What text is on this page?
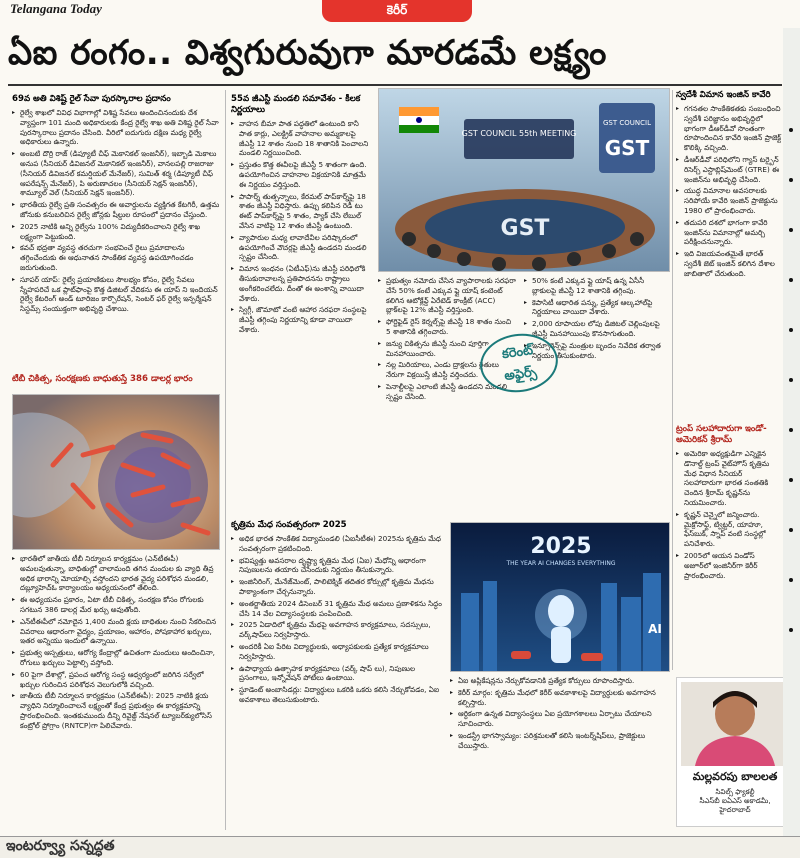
Telangana Today	కెరీర్
ఏఐ రంగం.. విశ్వగురువుగా మారడమే లక్ష్యం
69వ అతి విశిష్ట్ రైల్ సేవా పురస్కారాల ప్రదానం
▸ రైల్వే శాఖలో వివిధ విభాగాల్లో విశిష్ట సేవలు అందించినందుకు దేశ వ్యాప్తంగా 101 మంది అధికారులకు కేంద్ర రైల్వే శాఖ అతి విశిష్ట రైల్ సేవా పురస్కారాలు ప్రదానం చేసింది. వీరిలో ఐదుగురు దక్షిణ మధ్య రైల్వే అధికారులు ఉన్నారు.
▸ అంబటి దొర్రి రాజ్ (డిప్యూటీ చీఫ్ మెకానికల్ ఇంజనీర్), ఇబ్బాడి మెకాలు అనుప (సీనియర్ డివిజనల్ మెకానికల్ ఇంజనీర్), వానలపల్లి రాజరాజు (సీనియర్ డివిజనల్ కమర్షియల్ మేనేజర్), సుమిత్ శర్మ (డిప్యూటీ చీఫ్ ఆపరేషన్స్ మేనేజర్), పి అరుణాచలం (సీనియర్ సెక్షన్ ఇంజనీర్), శామ్యూల్ వెల్ (సీనియర్ సెక్షన్ ఇంజనీర్).
▸ భారతీయ రైల్వే ప్రతి సంవత్సరం ఈ అవార్డులను వ్యక్తిగత కేటగిరీ, ఉత్తమ జోనుకు కనుబరిచిన రైల్వే జోన్లకు షీల్డుల రూపంలో ప్రదానం చేస్తుంది.
▸ 2025 నాటికి అన్ని రైల్వేను 100% విద్యుదీకరించాలని రైల్వే శాఖ లక్ష్యంగా పెట్టుకుంది.
▸ కవచ్ భద్రతా వ్యవస్థ తరచుగా సంభవించే రైలు ప్రమాదాలను తగ్గించేందుకు ఈ ఆధునాతన సాంకేతిక వ్యవస్థ ఉపయోగించడం జరుగుతుంది.
▸ సూపర్ యాప్: రైల్వే ప్రయాణికులు సౌలభ్యం కోసం, రైల్వే సేవలు స్నేహపరిచే ఒక ప్లాట్‌ఫాంపై కొత్త డిజిటల్ వేదికను ఈ యాప్ ని ఇందియన్ రైల్వే కేటరింగ్ అండ్ టూరిజం కార్పొరేషన్, సెంటర్ ఫర్ రైల్వే ఇన్ఫర్మేషన్ సిస్టమ్స్ సంయుక్తంగా అభివృద్ధి చేశాయి.
టీబీ చికిత్స, సంరక్షణకు బాధుతుస్తే 386 డాలర్ల భారం
▸ భారతీలో జాతీయ టీబీ నిర్మూలన కార్యక్రమం (ఎన్‌టీఈపీ) అమలవుతున్నా, బాధితుల్లో చాలామంది తగిన మందుల కు వ్యాధి తీవ్ర అధిక భారాన్ని మోయాల్సి వస్తోందని భారత వైద్య పరిశోధన మండలి, దబ్ల్యూహెచ్ఓ కార్యాలయం అధ్యయనంలో తేలింది.
▸ ఈ అధ్యయనం ప్రకారం, ఏటా టీబీ చికిత్స, సంరక్షణ కోసం రోగులకు సగటున 386 డాలర్ల మేర ఖర్చు అవుతోంది.
▸ ఎన్‌టీఈపీలో నమోదైన 1,400 మంది క్షయ బాధితుల నుంచి సేకరించిన వివరాలు ఆధారంగా వైద్యం, ప్రయాణం, ఆహారం, పోషకాహార ఖర్చులు, ఇతర అన్నియు ఇందులో ఉన్నాయి.
▸ ప్రభుత్వ ఆస్పత్రులు, ఆరోగ్య కేంద్రాల్లో ఉచితంగా మందులు అందించినా, రోగులు ఖర్చులు పెట్టాల్సి వస్తోంది.
▸ 60 పైగా దేశాల్లో, ప్రపంచ ఆరోగ్య సంస్థ ఆధ్వర్యంలో జరిగిన సర్వేలో ఖర్చుల గురించిన పరిశోధన వెలుగులోకి వచ్చింది.
▸ జాతీయ టీబీ నిర్మూలన కార్యక్రమం (ఎన్‌టీఈపీ): 2025 నాటికి క్షయ వ్యాధిని నిర్మూలించాలనే లక్ష్యంతో కేంద్ర ప్రభుత్వం ఈ కార్యక్రమాన్ని ప్రారంభించింది. ఇంతకుముందు దీన్ని రివైజ్డ్ నేషనల్ ట్యూబర్‌క్యులోసిస్ కంట్రోల్ ప్రోగ్రాం (RNTCP)గా పిలిచేవారు.
55వ జీఎస్టీ మండలి సమావేశం - కీలక నిర్ణయాలు
▸ వాహన బీమా పాత పద్ధతిలో ఉంటుంది కానీ పాత కార్లు, ఎలక్ట్రిక్ వాహనాల అమ్మకాలపై జీఎస్టీ 12 శాతం నుంచి 18 శాతానికి పెంచాలని మండలి నిర్ణయించింది.
▸ ప్రస్తుతం కొత్త ఈవీలపై జీఎస్టీ 5 శాతంగా ఉంది. ఉపయోగించిన వాహనాల విక్రయానికి మాత్రమే ఈ నిర్ణయం వర్తిస్తుంది.
▸ పాపార్న్ తుత్పన్నాలు, కేరమల్ పాప్‌కార్న్‌పై 18 శాతం జీఎస్టీ విధిస్తారు. ఉప్పు కలిపిన రెడీ టు ఈట్ పాప్‌కార్న్‌పై 5 శాతం, ప్యాక్ చేసి లేబుల్ వేసిన వాటిపై 12 శాతం జీఎస్టీ ఉంటుంది.
▸ వ్యాపారుల మధ్య లావాదేవీల పరిష్కారంలో ఉపయోగించే వౌచర్లపై జీఎస్టీ ఉండదని మండలి స్పష్టం చేసింది.
▸ విమాన ఇంధనం (ఏటీఎఫ్)ను జీఎస్టీ పరిధిలోకి తీసుకురావాలన్న ప్రతిపాదనను రాష్ట్రాలు అంగీకరించలేదు. దీంతో ఈ అంశాన్ని వాయిదా వేశారు.
▸ స్విగ్గీ, జొమాటో వంటి ఆహార సరఫరా సంస్థలపై జీఎస్టీ తగ్గింపు నిర్ణయాన్ని కూడా వాయిదా వేశారు.
GST COUNCIL
GST
GST COUNCIL 55th MEETING
GST
▸ ప్రభుత్వం నమోదు చేసిన వ్యాపారాలకు సరఫరా చేసే 50% కంటే ఎక్కువ ఫ్లై యాష్ కంటెంట్ కలిగిన ఆటోక్లేవ్డ్ ఏరేటెడ్ కాంక్రీట్ (ACC) బ్లాక్‌లపై 12% జీఎస్టీ వర్తిస్తుంది.
▸ ఫోర్టిఫైడ్ రైస్ కెర్నల్స్‌పై జీఎస్టీ 18 శాతం నుంచి 5 శాతానికి తగ్గించారు.
▸ జన్యు చికిత్సను జీఎస్టీ నుంచి పూర్తిగా మినహాయించారు.
▸ నల్ల మిరియాలు, ఎండు ద్రాక్షలను రైతులు నేరుగా విక్రయిస్తే జీఎస్టీ వర్తించదు.
▸ పెనాల్టీలపై ఎలాంటి జీఎస్టీ ఉండదని మండలి స్పష్టం చేసింది.
▸ 50% కంటే ఎక్కువ ఫ్లై యాష్ ఉన్న ఏసీసీ బ్లాకులపై జీఎస్టీ 12 శాతానికి తగ్గింపు.
▸ కెపాసిటీ ఆధారిత పన్ను, ప్రత్యేక ఆల్కహాల్‌పై నిర్ణయాలు వాయిదా వేశారు.
▸ 2,000 రూపాయల లోపు డిజిటల్ చెల్లింపులపై జీఎస్టీ మినహాయింపు కొనసాగుతుంది.
▸ ఇన్సూరెన్స్‌పై మంత్రుల బృందం నివేదిక తర్వాత నిర్ణయం తీసుకుంటారు.
కరెంట్
అఫైర్స్
కృత్రిమ మేధ సంవత్సరంగా 2025
▸ అధిక భారత సాంకేతిక విద్యామండలి (ఏఐసీటీఈ) 2025ను కృత్రిమ మేధ సంవత్సరంగా ప్రకటించింది.
▸ భవిష్యత్తు అవసరాల దృష్ట్యా కృత్రిమ మేధ (ఏఐ) మేధోన్ని ఆధారంగా నిపుణులను తయారు చేసేందుకు నిర్ణయం తీసుకున్నారు.
▸ ఇంజినీరింగ్, మేనేజ్‌మెంట్, పాలిటెక్నిక్ తదితర కోర్సుల్లో కృత్రిమ మేధను పాఠ్యాంశంగా చేర్చనున్నారు.
▸ అంతర్జాతీయ 2024 డిసెంబర్ 31 కృత్రిమ మేధ అమలు ప్రణాళికను సిద్ధం చేసి 14 వేల విద్యాసంస్థలకు పంపించింది.
▸ 2025 ఏడాదిలో కృత్రిమ మేధపై అవగాహన కార్యక్రమాలు, సదస్సులు, వర్క్‌షాప్‌లు నిర్వహిస్తారు.
▸ అందరికీ ఏఐ పేరిట విద్యార్థులకు, అధ్యాపకులకు ప్రత్యేక కార్యక్రమాలు నిర్వహిస్తారు.
▸ ఉపాధ్యాయ ఉత్సాహక కార్యక్రమాలు (వర్క్ షాప్ లు), నిపుణుల ప్రసంగాలు, ఇన్నోవేషన్ పోటీలు ఉంటాయి.
▸ స్టూడెంట్ అంబాసిడర్లు: విద్యార్థులు ఒకరికి ఒకరు కలిసి నేర్చుకోవడం, ఏఐ అవకాశాలు తెలుసుకుంటారు.
2025
THE YEAR AI CHANGES EVERYTHING
AI
▸ ఏఐ అప్లికేషన్లను నేర్చుకోవడానికి ప్రత్యేక కోర్సులు రూపొందిస్తారు.
▸ కెరీర్ మార్గం: కృత్రిమ మేధలో కెరీర్ అవకాశాలపై విద్యార్థులకు అవగాహన కల్పిస్తారు.
▸ ఆర్థికంగా ఉన్నత విద్యాసంస్థలు ఏఐ ప్రయోగశాలలు ఏర్పాటు చేయాలని సూచించారు.
▸ ఇండస్ట్రీ భాగస్వామ్యం: పరిశ్రమలతో కలిసి ఇంటర్న్‌షిప్‌లు, ప్రాజెక్టులు చేయిస్తారు.
స్వదేశీ విమాన ఇంజిన్ కావేరి
▸ గగనతల సాంకేతికతకు సంబంధించి స్వదేశీ పరిజ్ఞానం అభివృద్ధిలో భాగంగా డీఆర్‌డీవో సొంతంగా రూపొందించిన కావేరి ఇంజిన్ ప్రాజెక్ట్ కొలిక్కి వచ్చింది.
▸ డీఆర్‌డీవో పరిధిలోని గ్యాస్ టర్బైన్ రిసెర్చ్ ఎస్టాబ్లిష్‌మెంట్ (GTRE) ఈ ఇంజిన్‌ను అభివృద్ధి చేసింది.
▸ యుద్ధ విమానాల అవసరాలకు సరిపోయే కావేరి ఇంజిన్ ప్రాజెక్టును 1980 లో ప్రారంభించారు.
▸ తదుపరి దశలో భాగంగా కావేరి ఇంజిన్‌ను విమానాల్లో అమర్చి పరీక్షించనున్నారు.
▸ ఇది విజయవంతమైతే భారత్ స్వదేశీ జెట్ ఇంజిన్ కలిగిన దేశాల జాబితాలో చేరుతుంది.
ట్రంప్ సలహాదారుగా ఇండో-అమెరికన్ శ్రీరామ్
▸ అమెరికా అధ్యక్షుడిగా ఎన్నికైన డొనాల్డ్ ట్రంప్ వైట్‌హౌస్ కృత్రిమ మేధ విధాన సీనియర్ సలహాదారుగా భారత సంతతికి చెందిన శ్రీరామ్ కృష్ణన్‌ను నియమించారు.
▸ కృష్ణన్ చెన్నైలో జన్మించారు. మైక్రోసాఫ్ట్, ట్విట్టర్, యాహూ, ఫేస్‌బుక్, స్నాప్‌ వంటి సంస్థల్లో పనిచేశారు.
▸ 2005లో ఆయన విండోస్ అజూర్‌లో ఇంజినీర్‌గా కెరీర్ ప్రారంభించారు.
మల్లవరపు బాలలత
సివిల్స్ ఫ్యాకల్టీ
సీఎస్‌బీ ఐఏఎస్ అకాడమీ,
హైదరాబాద్
ఇంటర్వ్యూ సన్నద్ధత
